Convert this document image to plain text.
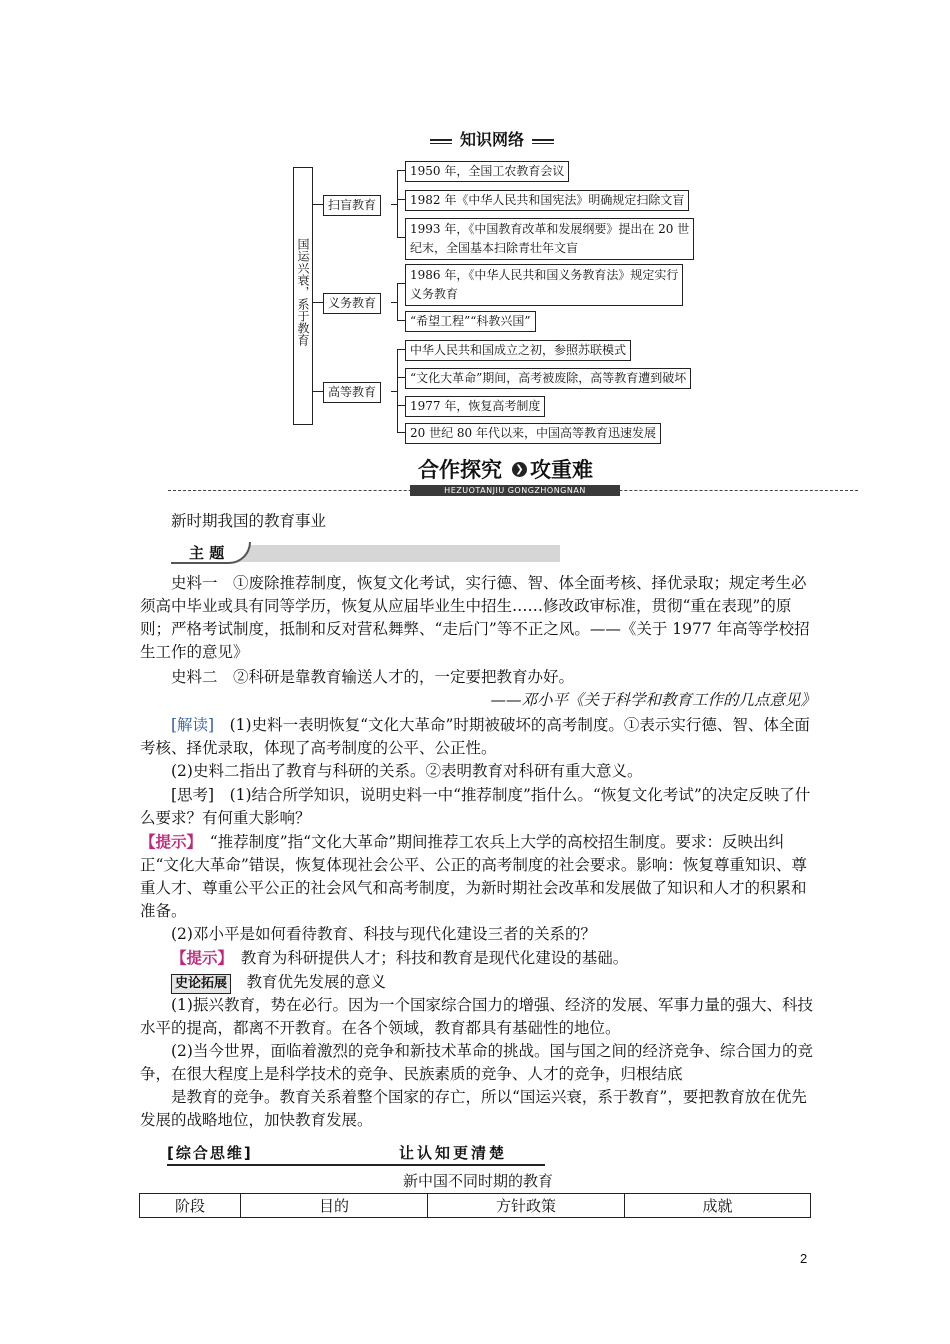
知识网络
国运兴衰，系于教育
扫盲教育
1950 年，全国工农教育会议
1982 年《中华人民共和国宪法》明确规定扫除文盲
1993 年，《中国教育改革和发展纲要》提出在 20 世
纪末，全国基本扫除青壮年文盲
义务教育
1986 年，《中华人民共和国义务教育法》规定实行
义务教育
“希望工程”“科教兴国”
高等教育
中华人民共和国成立之初，参照苏联模式
“文化大革命”期间，高考被废除，高等教育遭到破坏
1977 年，恢复高考制度
20 世纪 80 年代以来，中国高等教育迅速发展
合作探究	❯ 攻重难
HEZUOTANJIU GONGZHONGNAN
新时期我国的教育事业
主 题

史料一　 ①废除推荐制度，恢复文化考试，实行德、智、体全面考核、择优录取；规定考生必须高中毕业或具有同等学历，恢复从应届毕业生中招生……修改政审标准，贯彻“重在表现”的原则；严格考试制度，抵制和反对营私舞弊、“走后门”等不正之风。——《关于 1977 年高等学校招生工作的意见》

史料二　 ②科研是靠教育输送人才的，一定要把教育办好。

——邓小平《关于科学和教育工作的几点意见》

[解读]　 (1)史料一表明恢复“文化大革命”时期被破坏的高考制度。①表示实行德、智、体全面考核、择优录取，体现了高考制度的公平、公正性。

(2)史料二指出了教育与科研的关系。②表明教育对科研有重大意义。

[思考]　 (1)结合所学知识，说明史料一中“推荐制度”指什么。“恢复文化考试”的决定反映了什么要求？有何重大影响？

【提示】　 “推荐制度”指“文化大革命”期间推荐工农兵上大学的高校招生制度。要求：反映出纠正“文化大革命”错误，恢复体现社会公平、公正的高考制度的社会要求。影响：恢复尊重知识、尊重人才、尊重公平公正的社会风气和高考制度，为新时期社会改革和发展做了知识和人才的积累和准备。

(2)邓小平是如何看待教育、科技与现代化建设三者的关系的？

【提示】　 教育为科研提供人才；科技和教育是现代化建设的基础。

史论拓展　 教育优先发展的意义

(1)振兴教育，势在必行。因为一个国家综合国力的增强、经济的发展、军事力量的强大、科技水平的提高，都离不开教育。在各个领域，教育都具有基础性的地位。

(2)当今世界，面临着激烈的竞争和新技术革命的挑战。国与国之间的经济竞争、综合国力的竞争，在很大程度上是科学技术的竞争、民族素质的竞争、人才的竞争，归根结底

是教育的竞争。教育关系着整个国家的存亡，所以“国运兴衰，系于教育”，要把教育放在优先发展的战略地位，加快教育发展。

[综合思维]	让认知更清楚
新中国不同时期的教育
阶段	目的	方针政策	成就
2
